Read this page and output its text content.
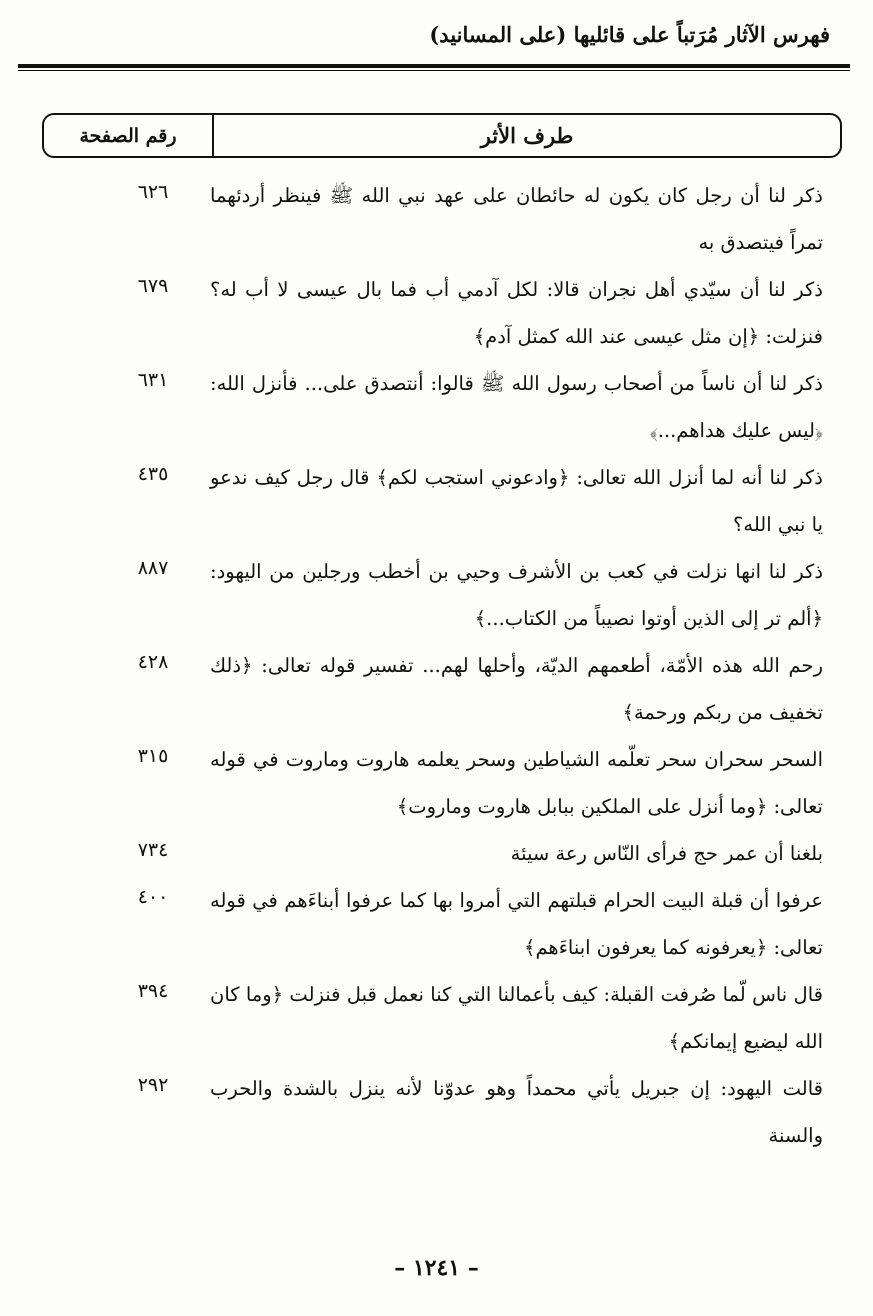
فهرس الآثار مُرَتباً على قائليها (على المسانيد)
طرف الأثر
رقم الصفحة
ذكر لنا أن رجل كان يكون له حائطان على عهد نبي الله ﷺ فينظر أردئهما تمراً فيتصدق به
٦٢٦
ذكر لنا أن سيّدي أهل نجران قالا: لكل آدمي أب فما بال عيسى لا أب له؟ فنزلت: ﴿إن مثل عيسى عند الله كمثل آدم﴾
٦٧٩
ذكر لنا أن ناساً من أصحاب رسول الله ﷺ قالوا: أنتصدق على... فأنزل الله: ﴿ليس عليك هداهم...﴾
٦٣١
ذكر لنا أنه لما أنزل الله تعالى: ﴿وادعوني استجب لكم﴾ قال رجل كيف ندعو يا نبي الله؟
٤٣٥
ذكر لنا انها نزلت في كعب بن الأشرف وحيي بن أخطب ورجلين من اليهود: ﴿ألم تر إلى الذين أوتوا نصيباً من الكتاب...﴾
٨٨٧
رحم الله هذه الأمّة، أطعمهم الديّة، وأحلها لهم... تفسير قوله تعالى: ﴿ذلك تخفيف من ربكم ورحمة﴾
٤٢٨
السحر سحران سحر تعلّمه الشياطين وسحر يعلمه هاروت وماروت في قوله تعالى: ﴿وما أنزل على الملكين ببابل هاروت وماروت﴾
٣١٥
بلغنا أن عمر حج فرأى النّاس رعة سيئة
٧٣٤
عرفوا أن قبلة البيت الحرام قبلتهم التي أمروا بها كما عرفوا أبناءَهم في قوله تعالى: ﴿يعرفونه كما يعرفون ابناءَهم﴾
٤٠٠
قال ناس لّما صُرفت القبلة: كيف بأعمالنا التي كنا نعمل قبل فنزلت ﴿وما كان الله ليضيع إيمانكم﴾
٣٩٤
قالت اليهود: إن جبريل يأتي محمداً وهو عدوّنا لأنه ينزل بالشدة والحرب والسنة
٢٩٢
– ١٢٤١ –
